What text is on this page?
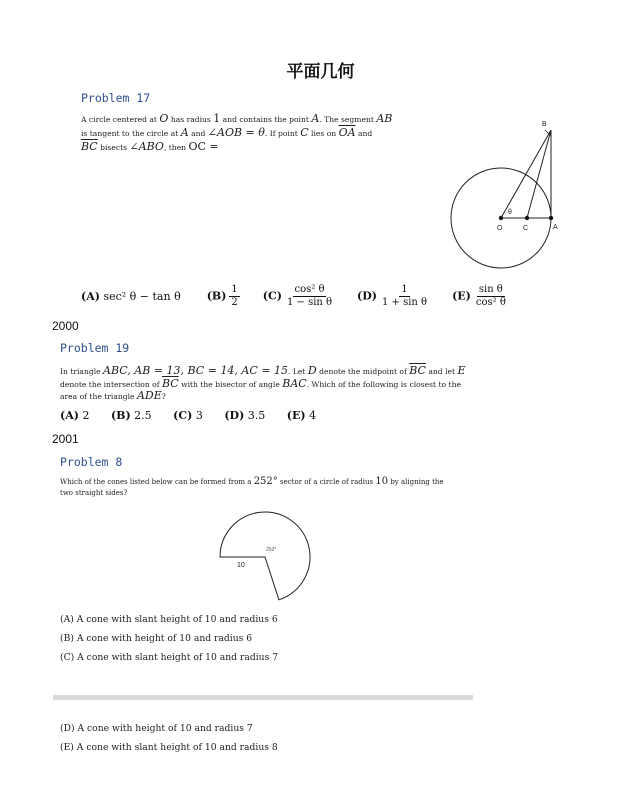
平面几何
Problem 17
A circle centered at O has radius 1 and contains the point A. The segment AB
is tangent to the circle at A and ∠AOB = θ. If point C lies on $\overline{OA}$ and
$\overline{BC}$ bisects ∠ABO, then OC =
B
O	C	A
θ
(A) sec² θ − tan θ $(B) \frac{1}{2} (C) \frac{\text{cos² θ}}{\text{1 − sin θ}} (D) \frac{1}{\text{1 + sin θ}} (E) \frac{\text{sin θ}}{\text{cos² θ}}$
2000
Problem 19
In triangle ABC, AB = 13, BC = 14, AC = 15. Let D denote the midpoint of $\overline{BC}$ and let E
denote the intersection of $\overline{BC}$ with the bisector of angle BAC. Which of the following is closest to the
area of the triangle ADE?
(A) 2 (B) 2.5 (C) 3 (D) 3.5 (E) 4
2001
Problem 8
Which of the cones listed below can be formed from a 252° sector of a circle of radius 10 by aligning the
two straight sides?
10
252°
(A) A cone with slant height of 10 and radius 6
(B) A cone with height of 10 and radius 6
(C) A cone with slant height of 10 and radius 7
(D) A cone with height of 10 and radius 7
(E) A cone with slant height of 10 and radius 8
